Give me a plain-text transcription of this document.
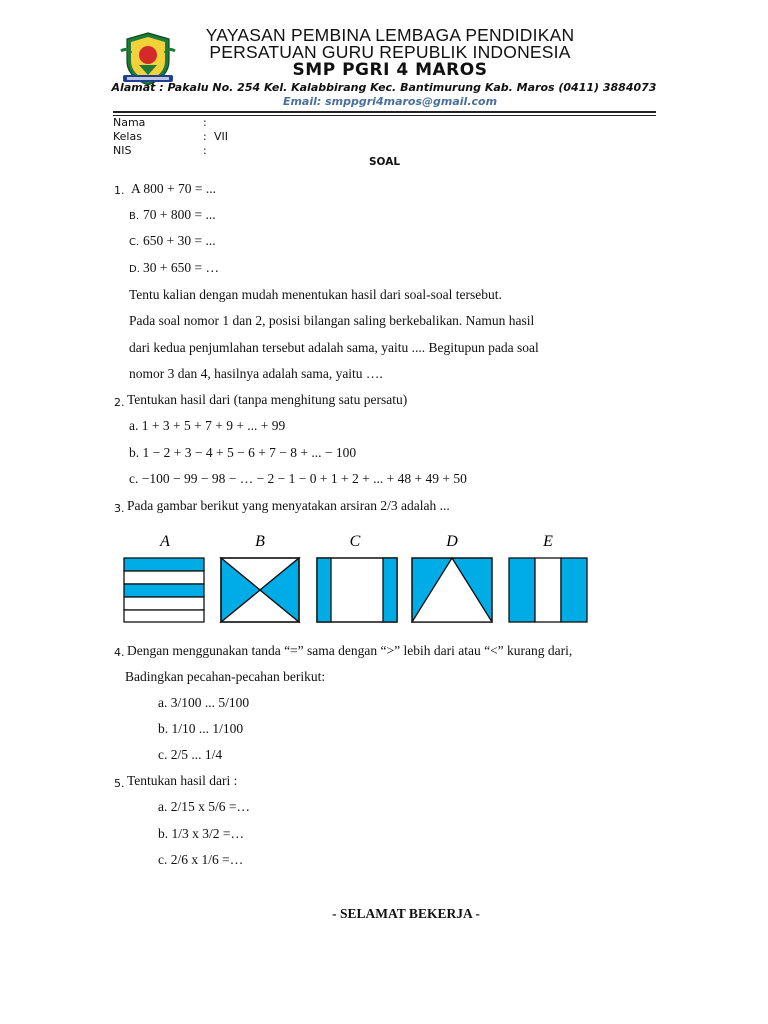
YAYASAN PEMBINA LEMBAGA PENDIDIKAN
PERSATUAN GURU REPUBLIK INDONESIA
SMP PGRI 4 MAROS
Alamat : Pakalu No. 254 Kel. Kalabbirang Kec. Bantimurung Kab. Maros (0411) 3884073
Email: smppgri4maros@gmail.com
Nama	:
Kelas	: VII
NIS	:
SOAL
1. A 800 + 70 = ...
B. 70 + 800 = ...
C. 650 + 30 = ...
D. 30 + 650 = …
Tentu kalian dengan mudah menentukan hasil dari soal-soal tersebut.
Pada soal nomor 1 dan 2, posisi bilangan saling berkebalikan. Namun hasil
dari kedua penjumlahan tersebut adalah sama, yaitu .... Begitupun pada soal
nomor 3 dan 4, hasilnya adalah sama, yaitu ….
2. Tentukan hasil dari (tanpa menghitung satu persatu)
a. 1 + 3 + 5 + 7 + 9 + ... + 99
b. 1 − 2 + 3 − 4 + 5 − 6 + 7 − 8 + ... − 100
c. −100 − 99 − 98 − … − 2 − 1 − 0 + 1 + 2 + ... + 48 + 49 + 50
3. Pada gambar berikut yang menyatakan arsiran 2/3 adalah ...
A	B	C	D	E
4. Dengan menggunakan tanda “=” sama dengan “>” lebih dari atau “<” kurang dari,
Badingkan pecahan-pecahan berikut:
a. 3/100 ... 5/100
b. 1/10 ... 1/100
c. 2/5 ... 1/4
5. Tentukan hasil dari :
a. 2/15 x 5/6 =…
b. 1/3 x 3/2 =…
c. 2/6 x 1/6 =…
- SELAMAT BEKERJA -
